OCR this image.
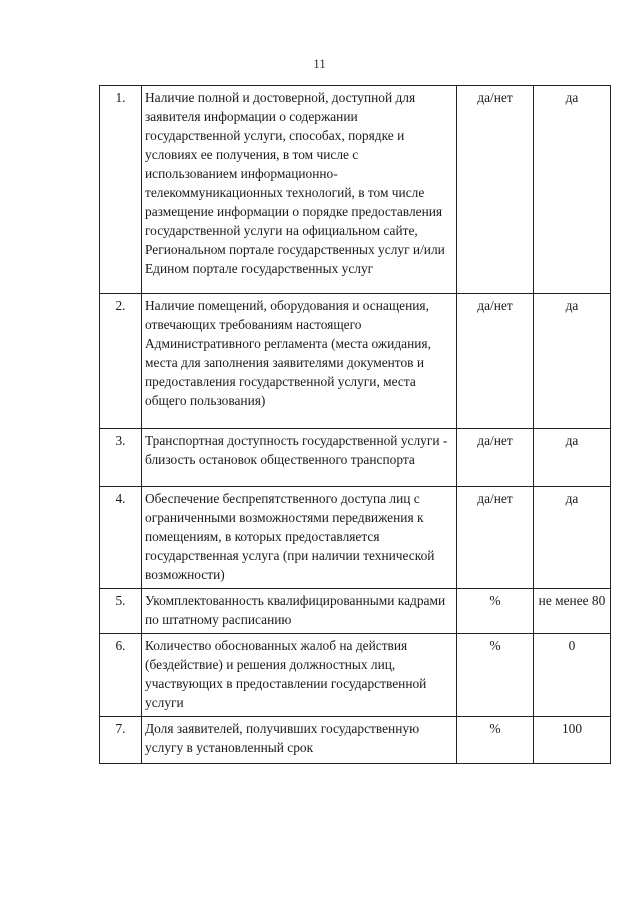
11
1.	Наличие полной и достоверной, доступной для заявителя информации о содержании государственной услуги, способах, порядке и условиях ее получения, в том числе с использованием информационно-телекоммуникационных технологий, в том числе размещение информации о порядке предоставления государственной услуги на официальном сайте, Региональном портале государственных услуг и/или Едином портале государственных услуг	да/нет	да
2.	Наличие помещений, оборудования и оснащения, отвечающих требованиям настоящего Административного регламента (места ожидания, места для заполнения заявителями документов и предоставления государственной услуги, места общего пользования)	да/нет	да
3.	Транспортная доступность государственной услуги - близость остановок общественного транспорта	да/нет	да
4.	Обеспечение беспрепятственного доступа лиц с ограниченными возможностями передвижения к помещениям, в которых предоставляется государственная услуга (при наличии технической возможности)	да/нет	да
5.	Укомплектованность квалифицированными кадрами по штатному расписанию	%	не менее 80
6.	Количество обоснованных жалоб на действия (бездействие) и решения должностных лиц, участвующих в предоставлении государственной услуги	%	0
7.	Доля заявителей, получивших государственную услугу в установленный срок	%	100
